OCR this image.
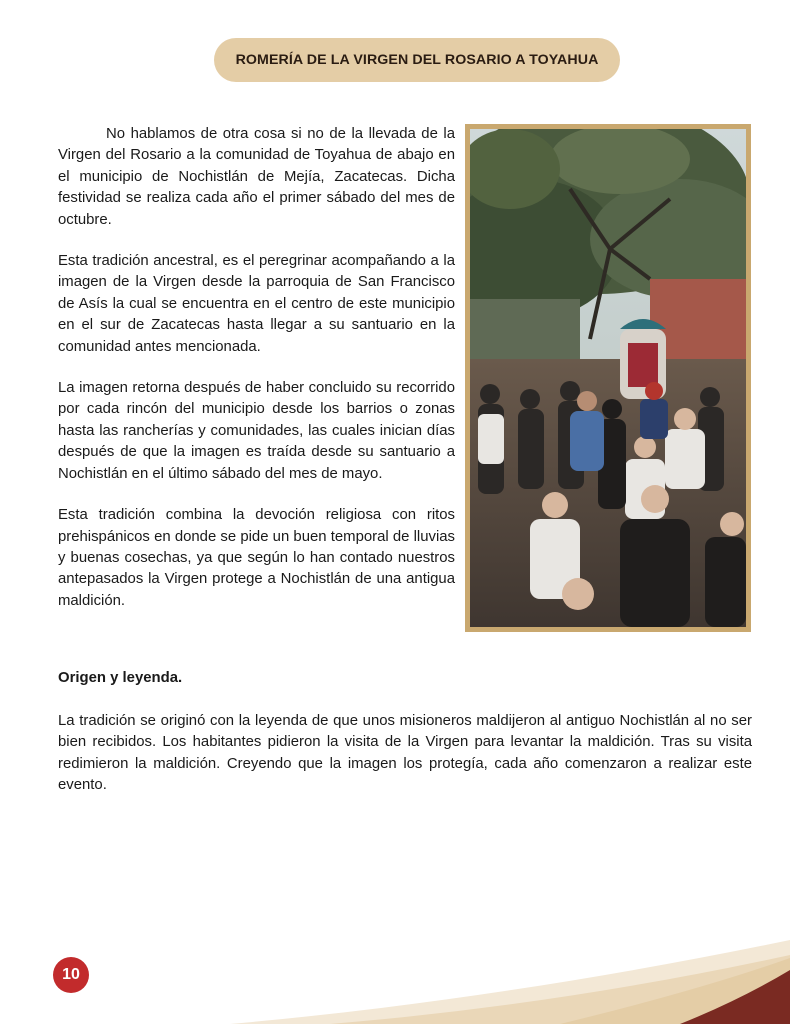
ROMERÍA DE LA VIRGEN DEL ROSARIO A TOYAHUA

No hablamos de otra cosa si no de la llevada de la Virgen del Rosario a la comunidad de Toyahua de abajo en el municipio de Nochistlán de Mejía, Zacatecas. Dicha festividad se realiza cada año el primer sábado del mes de octubre.

Esta tradición ancestral, es el peregrinar acompañando a la imagen de la Virgen desde la parroquia de San Francisco de Asís la cual se encuentra en el centro de este municipio en el sur de Zacatecas hasta llegar a su santuario en la comunidad antes mencionada.

La imagen retorna después de haber concluido su recorrido por cada rincón del municipio desde los barrios o zonas hasta las rancherías y comunidades, las cuales inician días después de que la imagen es traída desde su santuario a Nochistlán en el último sábado del mes de mayo.

Esta tradición combina la devoción religiosa con ritos prehispánicos en donde se pide un buen temporal de lluvias y buenas cosechas, ya que según lo han contado nuestros antepasados la Virgen protege a Nochistlán de una antigua maldición.

Origen y leyenda.

La tradición se originó con la leyenda de que unos misioneros maldijeron al antiguo Nochistlán al no ser bien recibidos. Los habitantes pidieron la visita de la Virgen para levantar la maldición. Tras su visita redimieron la maldición. Creyendo que la imagen los protegía, cada año comenzaron a realizar este evento.

10
